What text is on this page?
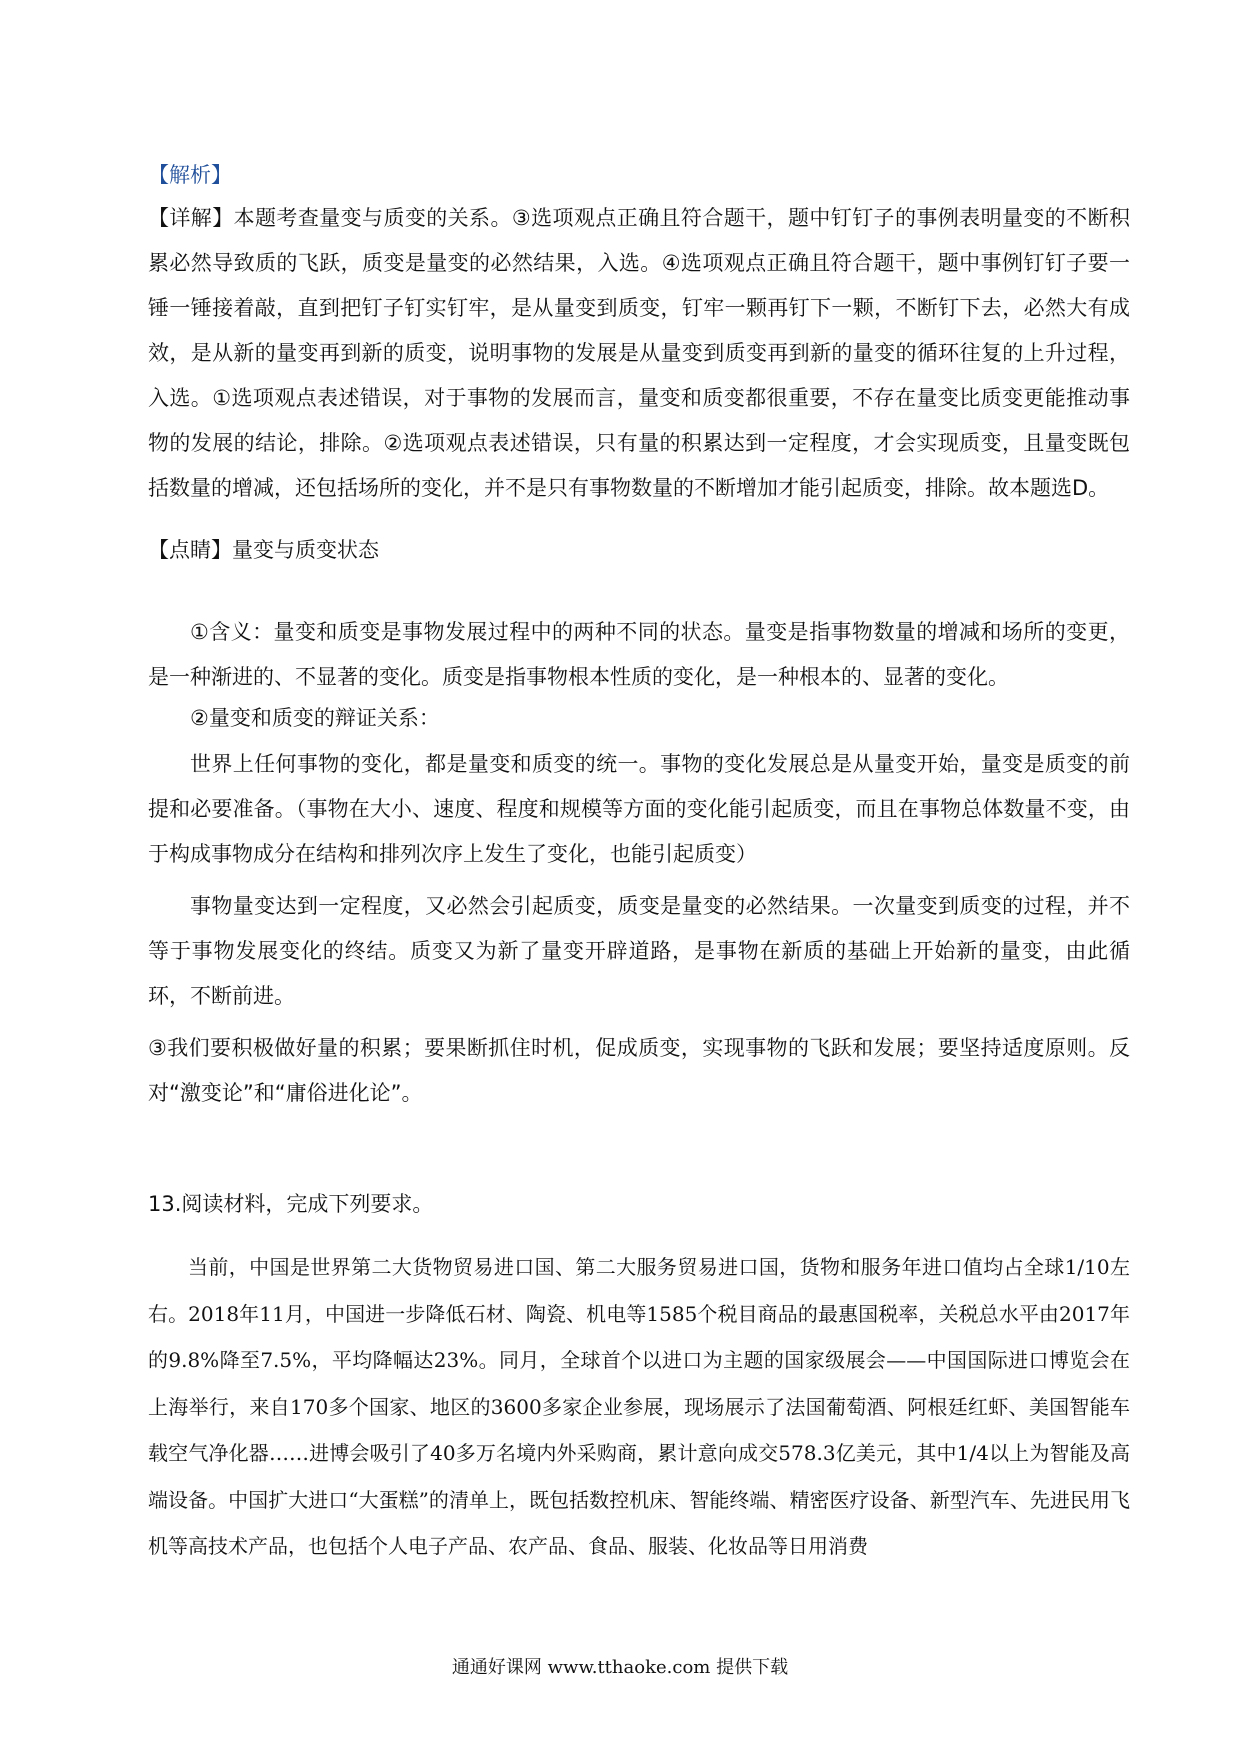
【解析】

【详解】本题考查量变与质变的关系。③选项观点正确且符合题干，题中钉钉子的事例表明量变的不断积累必然导致质的飞跃，质变是量变的必然结果，入选。④选项观点正确且符合题干，题中事例钉钉子要一锤一锤接着敲，直到把钉子钉实钉牢，是从量变到质变，钉牢一颗再钉下一颗，不断钉下去，必然大有成效，是从新的量变再到新的质变，说明事物的发展是从量变到质变再到新的量变的循环往复的上升过程，入选。①选项观点表述错误，对于事物的发展而言，量变和质变都很重要，不存在量变比质变更能推动事物的发展的结论，排除。②选项观点表述错误，只有量的积累达到一定程度，才会实现质变，且量变既包括数量的增减，还包括场所的变化，并不是只有事物数量的不断增加才能引起质变，排除。故本题选D。

【点睛】量变与质变状态

①含义：量变和质变是事物发展过程中的两种不同的状态。量变是指事物数量的增减和场所的变更，是一种渐进的、不显著的变化。质变是指事物根本性质的变化，是一种根本的、显著的变化。

②量变和质变的辩证关系：

世界上任何事物的变化，都是量变和质变的统一。事物的变化发展总是从量变开始，量变是质变的前提和必要准备。（事物在大小、速度、程度和规模等方面的变化能引起质变，而且在事物总体数量不变，由于构成事物成分在结构和排列次序上发生了变化，也能引起质变）

事物量变达到一定程度，又必然会引起质变，质变是量变的必然结果。一次量变到质变的过程，并不等于事物发展变化的终结。质变又为新了量变开辟道路，是事物在新质的基础上开始新的量变，由此循环，不断前进。

③我们要积极做好量的积累；要果断抓住时机，促成质变，实现事物的飞跃和发展；要坚持适度原则。反对“激变论”和“庸俗进化论”。

13.阅读材料，完成下列要求。

当前，中国是世界第二大货物贸易进口国、第二大服务贸易进口国，货物和服务年进口值均占全球1/10左右。2018年11月，中国进一步降低石材、陶瓷、机电等1585个税目商品的最惠国税率，关税总水平由2017年的9.8%降至7.5%，平均降幅达23%。同月，全球首个以进口为主题的国家级展会——中国国际进口博览会在上海举行，来自170多个国家、地区的3600多家企业参展，现场展示了法国葡萄酒、阿根廷红虾、美国智能车载空气净化器……进博会吸引了40多万名境内外采购商，累计意向成交578.3亿美元，其中1/4以上为智能及高端设备。中国扩大进口“大蛋糕”的清单上，既包括数控机床、智能终端、精密医疗设备、新型汽车、先进民用飞机等高技术产品，也包括个人电子产品、农产品、食品、服装、化妆品等日用消费

通通好课网 www.tthaoke.com 提供下载
